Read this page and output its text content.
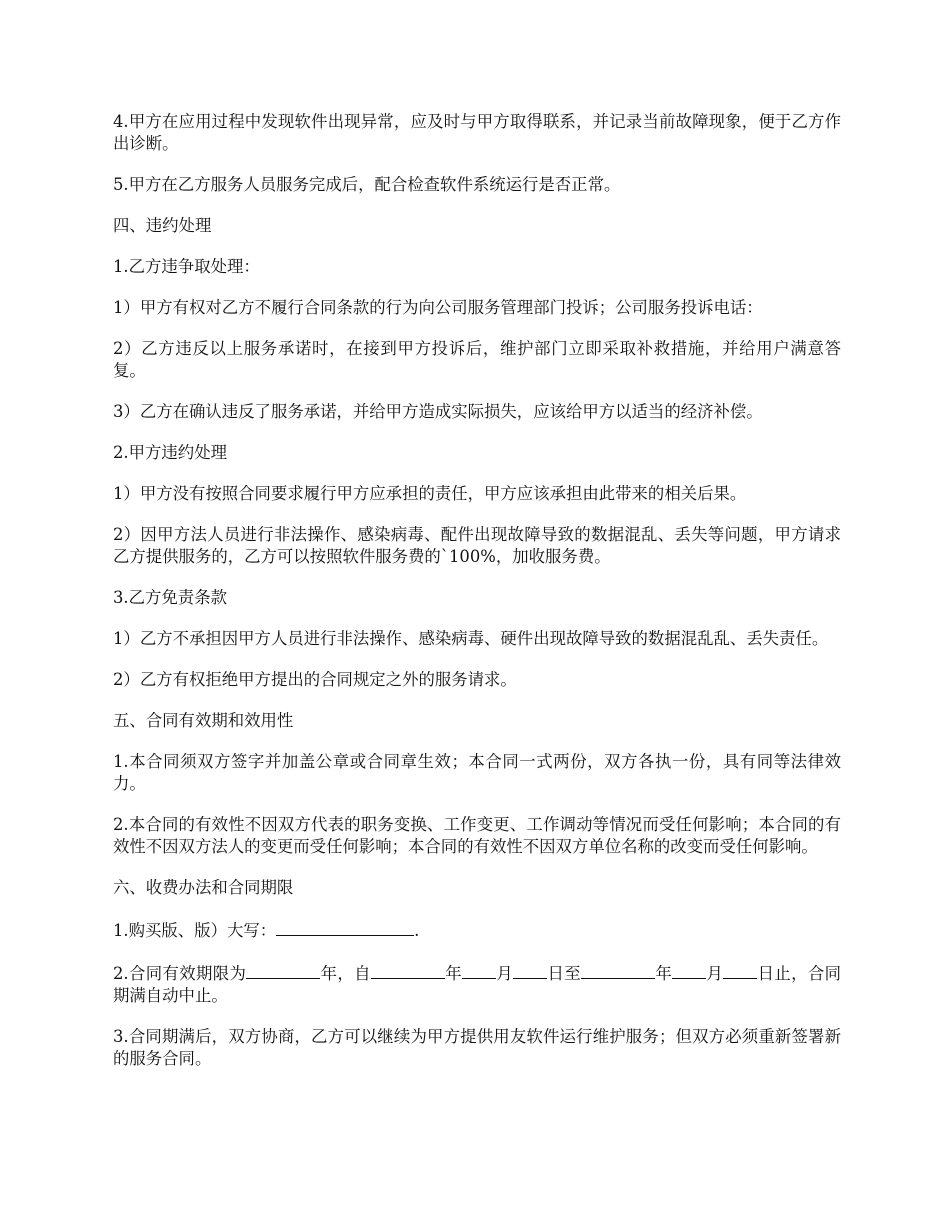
4.甲方在应用过程中发现软件出现异常，应及时与甲方取得联系，并记录当前故障现象，便于乙方作出诊断。

5.甲方在乙方服务人员服务完成后，配合检查软件系统运行是否正常。

四、违约处理

1.乙方违争取处理：

1）甲方有权对乙方不履行合同条款的行为向公司服务管理部门投诉；公司服务投诉电话：

2）乙方违反以上服务承诺时，在接到甲方投诉后，维护部门立即采取补救措施，并给用户满意答复。

3）乙方在确认违反了服务承诺，并给甲方造成实际损失，应该给甲方以适当的经济补偿。

2.甲方违约处理

1）甲方没有按照合同要求履行甲方应承担的责任，甲方应该承担由此带来的相关后果。

2）因甲方法人员进行非法操作、感染病毒、配件出现故障导致的数据混乱、丢失等问题，甲方请求乙方提供服务的，乙方可以按照软件服务费的`100%，加收服务费。

3.乙方免责条款

1）乙方不承担因甲方人员进行非法操作、感染病毒、硬件出现故障导致的数据混乱乱、丢失责任。

2）乙方有权拒绝甲方提出的合同规定之外的服务请求。

五、合同有效期和效用性

1.本合同须双方签字并加盖公章或合同章生效；本合同一式两份，双方各执一份，具有同等法律效力。

2.本合同的有效性不因双方代表的职务变换、工作变更、工作调动等情况而受任何影响；本合同的有效性不因双方法人的变更而受任何影响；本合同的有效性不因双方单位名称的改变而受任何影响。

六、收费办法和合同期限

1.购买版、版）大写：	.

2.合同有效期限为	年，自	年 月 日至	年 月 日止，合同期满自动中止。

3.合同期满后，双方协商，乙方可以继续为甲方提供用友软件运行维护服务；但双方必须重新签署新的服务合同。
